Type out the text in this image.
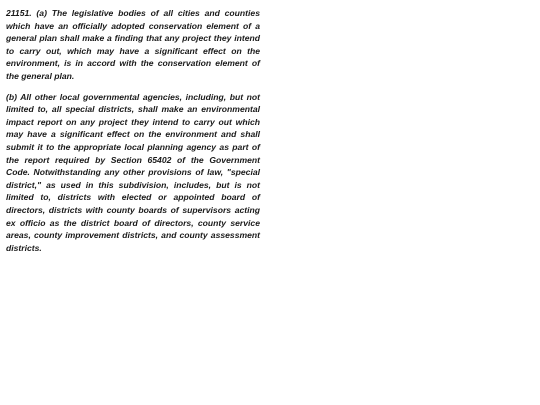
21151. (a) The legislative bodies of all cities and counties which have an officially adopted conservation element of a general plan shall make a finding that any project they intend to carry out, which may have a significant effect on the environment, is in accord with the conservation element of the general plan.

(b) All other local governmental agencies, including, but not limited to, all special districts, shall make an environmental impact report on any project they intend to carry out which may have a significant effect on the environment and shall submit it to the appropriate local planning agency as part of the report required by Section 65402 of the Government Code. Notwithstanding any other provisions of law, "special district," as used in this subdivision, includes, but is not limited to, districts with elected or appointed board of directors, districts with county boards of supervisors acting ex officio as the district board of directors, county service areas, county improvement districts, and county assessment districts.
